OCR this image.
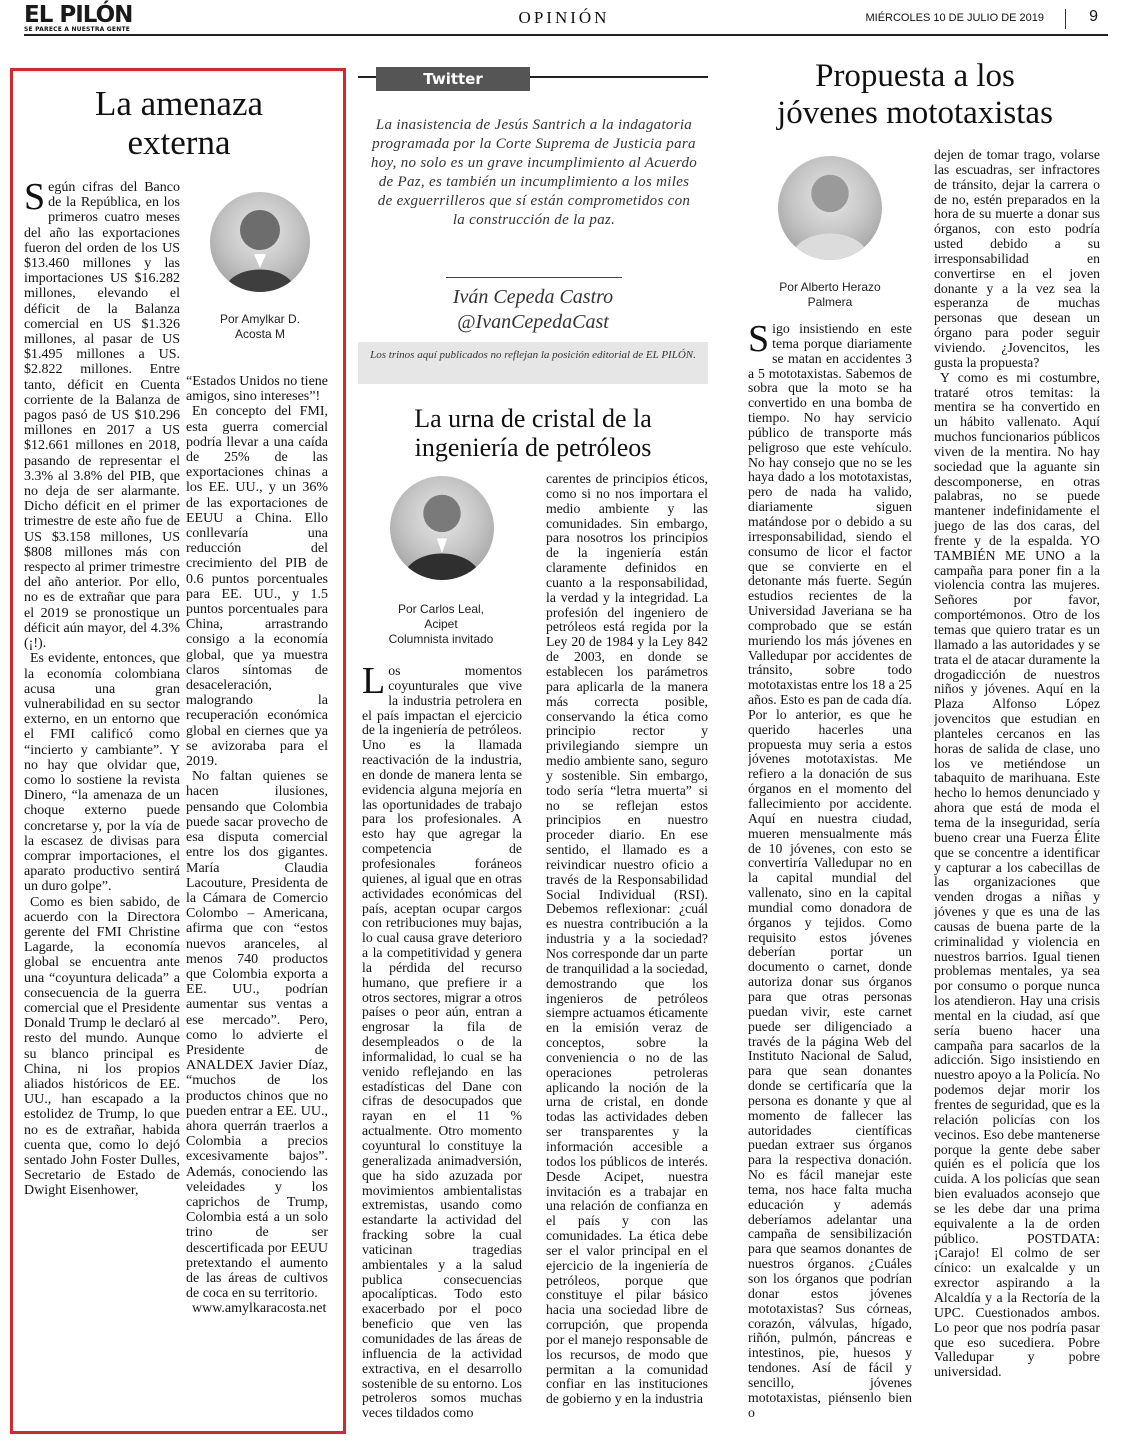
EL PILÓN
SE PARECE A NUESTRA GENTE
OPINIÓN	MIÉRCOLES 10 DE JULIO DE 2019	9
La amenaza
externa
Por Amylkar D.
Acosta M

Según cifras del Banco de la República, en los primeros cuatro meses del año las exportaciones fueron del orden de los US $13.460 millones y las importaciones US $16.282 millones, elevando el déficit de la Balanza comercial en US $1.326 millones, al pasar de US $1.495 millones a US. $2.822 millones. Entre tanto, déficit en Cuenta corriente de la Balanza de pagos pasó de US $10.296 millones en 2017 a US $12.661 millones en 2018, pasando de representar el 3.3% al 3.8% del PIB, que no deja de ser alarmante. Dicho déficit en el primer trimestre de este año fue de US $3.158 millones, US $808 millones más con respecto al primer trimestre del año anterior. Por ello, no es de extrañar que para el 2019 se pronostique un déficit aún mayor, del 4.3% (¡!).

Es evidente, entonces, que la economía colombiana acusa una gran vulnerabilidad en su sector externo, en un entorno que el FMI calificó como “incierto y cambiante”. Y no hay que olvidar que, como lo sostiene la revista Dinero, “la amenaza de un choque externo puede concretarse y, por la vía de la escasez de divisas para comprar importaciones, el aparato productivo sentirá un duro golpe”.

Como es bien sabido, de acuerdo con la Directora gerente del FMI Christine Lagarde, la economía global se encuentra ante una “coyuntura delicada” a consecuencia de la guerra comercial que el Presidente Donald Trump le declaró al resto del mundo. Aunque su blanco principal es China, ni los propios aliados históricos de EE. UU., han escapado a la estolidez de Trump, lo que no es de extrañar, habida cuenta que, como lo dejó sentado John Foster Dulles, Secretario de Estado de Dwight Eisenhower,

“Estados Unidos no tiene amigos, sino intereses”!

En concepto del FMI, esta guerra comercial podría llevar a una caída de 25% de las exportaciones chinas a los EE. UU., y un 36% de las exportaciones de EEUU a China. Ello conllevaría una reducción del crecimiento del PIB de 0.6 puntos porcentuales para EE. UU., y 1.5 puntos porcentuales para China, arrastrando consigo a la economía global, que ya muestra claros síntomas de desaceleración, malogrando la recuperación económica global en ciernes que ya se avizoraba para el 2019.

No faltan quienes se hacen ilusiones, pensando que Colombia puede sacar provecho de esa disputa comercial entre los dos gigantes. María Claudia Lacouture, Presidenta de la Cámara de Comercio Colombo – Americana, afirma que con “estos nuevos aranceles, al menos 740 productos que Colombia exporta a EE. UU., podrían aumentar sus ventas a ese mercado”. Pero, como lo advierte el Presidente de ANALDEX Javier Díaz, “muchos de los productos chinos que no pueden entrar a EE. UU., ahora querrán traerlos a Colombia a precios excesivamente bajos”. Además, conociendo las veleidades y los caprichos de Trump, Colombia está a un solo trino de ser descertificada por EEUU pretextando el aumento de las áreas de cultivos de coca en su territorio.

www.amylkaracosta.net

Twitter
La inasistencia de Jesús Santrich a la indagatoria programada por la Corte Suprema de Justicia para hoy, no solo es un grave incumplimiento al Acuerdo de Paz, es también un incumplimiento a los miles de exguerrilleros que sí están comprometidos con la construcción de la paz.
Iván Cepeda Castro
@IvanCepedaCast
Los trinos aquí publicados no reflejan la posición editorial de EL PILÓN.
La urna de cristal de la
ingeniería de petróleos
Por Carlos Leal,
Acipet
Columnista invitado

Los momentos coyunturales que vive la industria petrolera en el país impactan el ejercicio de la ingeniería de petróleos. Uno es la llamada reactivación de la industria, en donde de manera lenta se evidencia alguna mejoría en las oportunidades de trabajo para los profesionales. A esto hay que agregar la competencia de profesionales foráneos quienes, al igual que en otras actividades económicas del país, aceptan ocupar cargos con retribuciones muy bajas, lo cual causa grave deterioro a la competitividad y genera la pérdida del recurso humano, que prefiere ir a otros sectores, migrar a otros países o peor aún, entran a engrosar la fila de desempleados o de la informalidad, lo cual se ha venido reflejando en las estadísticas del Dane con cifras de desocupados que rayan en el 11 % actualmente. Otro momento coyuntural lo constituye la generalizada animadversión, que ha sido azuzada por movimientos ambientalistas extremistas, usando como estandarte la actividad del fracking sobre la cual vaticinan tragedias ambientales y a la salud publica consecuencias apocalípticas. Todo esto exacerbado por el poco beneficio que ven las comunidades de las áreas de influencia de la actividad extractiva, en el desarrollo sostenible de su entorno. Los petroleros somos muchas veces tildados como

carentes de principios éticos, como si no nos importara el medio ambiente y las comunidades. Sin embargo, para nosotros los principios de la ingeniería están claramente definidos en cuanto a la responsabilidad, la verdad y la integridad. La profesión del ingeniero de petróleos está regida por la Ley 20 de 1984 y la Ley 842 de 2003, en donde se establecen los parámetros para aplicarla de la manera más correcta posible, conservando la ética como principio rector y privilegiando siempre un medio ambiente sano, seguro y sostenible. Sin embargo, todo sería “letra muerta” si no se reflejan estos principios en nuestro proceder diario. En ese sentido, el llamado es a reivindicar nuestro oficio a través de la Responsabilidad Social Individual (RSI). Debemos reflexionar: ¿cuál es nuestra contribución a la industria y a la sociedad? Nos corresponde dar un parte de tranquilidad a la sociedad, demostrando que los ingenieros de petróleos siempre actuamos éticamente en la emisión veraz de conceptos, sobre la conveniencia o no de las operaciones petroleras aplicando la noción de la urna de cristal, en donde todas las actividades deben ser transparentes y la información accesible a todos los públicos de interés. Desde Acipet, nuestra invitación es a trabajar en una relación de confianza en el país y con las comunidades. La ética debe ser el valor principal en el ejercicio de la ingeniería de petróleos, porque que constituye el pilar básico hacia una sociedad libre de corrupción, que propenda por el manejo responsable de los recursos, de modo que permitan a la comunidad confiar en las instituciones de gobierno y en la industria

Propuesta a los
jóvenes mototaxistas
Por Alberto Herazo
Palmera

Sigo insistiendo en este tema porque diariamente se matan en accidentes 3 a 5 mototaxistas. Sabemos de sobra que la moto se ha convertido en una bomba de tiempo. No hay servicio público de transporte más peligroso que este vehículo. No hay consejo que no se les haya dado a los mototaxistas, pero de nada ha valido, diariamente siguen matándose por o debido a su irresponsabilidad, siendo el consumo de licor el factor que se convierte en el detonante más fuerte. Según estudios recientes de la Universidad Javeriana se ha comprobado que se están muriendo los más jóvenes en Valledupar por accidentes de tránsito, sobre todo mototaxistas entre los 18 a 25 años. Esto es pan de cada día. Por lo anterior, es que he querido hacerles una propuesta muy seria a estos jóvenes mototaxistas. Me refiero a la donación de sus órganos en el momento del fallecimiento por accidente. Aquí en nuestra ciudad, mueren mensualmente más de 10 jóvenes, con esto se convertiría Valledupar no en la capital mundial del vallenato, sino en la capital mundial como donadora de órganos y tejidos. Como requisito estos jóvenes deberían portar un documento o carnet, donde autoriza donar sus órganos para que otras personas puedan vivir, este carnet puede ser diligenciado a través de la página Web del Instituto Nacional de Salud, para que sean donantes donde se certificaría que la persona es donante y que al momento de fallecer las autoridades científicas puedan extraer sus órganos para la respectiva donación. No es fácil manejar este tema, nos hace falta mucha educación y además deberíamos adelantar una campaña de sensibilización para que seamos donantes de nuestros órganos. ¿Cuáles son los órganos que podrían donar estos jóvenes mototaxistas? Sus córneas, corazón, válvulas, hígado, riñón, pulmón, páncreas e intestinos, pie, huesos y tendones. Así de fácil y sencillo, jóvenes mototaxistas, piénsenlo bien o

dejen de tomar trago, volarse las escuadras, ser infractores de tránsito, dejar la carrera o de no, estén preparados en la hora de su muerte a donar sus órganos, con esto podría usted debido a su irresponsabilidad en convertirse en el joven donante y a la vez sea la esperanza de muchas personas que desean un órgano para poder seguir viviendo. ¿Jovencitos, les gusta la propuesta?

Y como es mi costumbre, trataré otros temitas: la mentira se ha convertido en un hábito vallenato. Aquí muchos funcionarios públicos viven de la mentira. No hay sociedad que la aguante sin descomponerse, en otras palabras, no se puede mantener indefinidamente el juego de las dos caras, del frente y de la espalda. YO TAMBIÉN ME UNO a la campaña para poner fin a la violencia contra las mujeres. Señores por favor, comportémonos. Otro de los temas que quiero tratar es un llamado a las autoridades y se trata el de atacar duramente la drogadicción de nuestros niños y jóvenes. Aquí en la Plaza Alfonso López jovencitos que estudian en planteles cercanos en las horas de salida de clase, uno los ve metiéndose un tabaquito de marihuana. Este hecho lo hemos denunciado y ahora que está de moda el tema de la inseguridad, sería bueno crear una Fuerza Élite que se concentre a identificar y capturar a los cabecillas de las organizaciones que venden drogas a niñas y jóvenes y que es una de las causas de buena parte de la criminalidad y violencia en nuestros barrios. Igual tienen problemas mentales, ya sea por consumo o porque nunca los atendieron. Hay una crisis mental en la ciudad, así que sería bueno hacer una campaña para sacarlos de la adicción. Sigo insistiendo en nuestro apoyo a la Policía. No podemos dejar morir los frentes de seguridad, que es la relación policías con los vecinos. Eso debe mantenerse porque la gente debe saber quién es el policía que los cuida. A los policías que sean bien evaluados aconsejo que se les debe dar una prima equivalente a la de orden público. POSTDATA: ¡Carajo! El colmo de ser cínico: un exalcalde y un exrector aspirando a la Alcaldía y a la Rectoría de la UPC. Cuestionados ambos. Lo peor que nos podría pasar que eso sucediera. Pobre Valledupar y pobre universidad.
